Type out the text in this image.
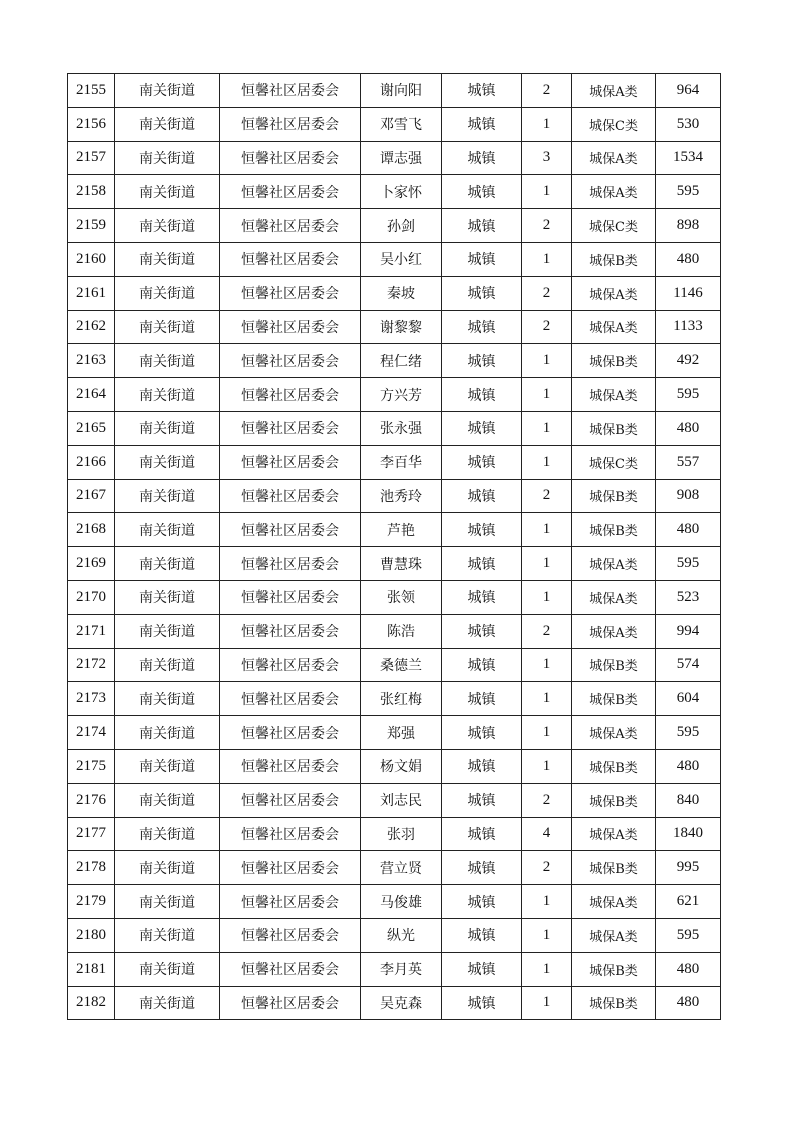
2155	南关街道	恒馨社区居委会	谢向阳	城镇	2	城保A类	964
2156	南关街道	恒馨社区居委会	邓雪飞	城镇	1	城保C类	530
2157	南关街道	恒馨社区居委会	谭志强	城镇	3	城保A类	1534
2158	南关街道	恒馨社区居委会	卜家怀	城镇	1	城保A类	595
2159	南关街道	恒馨社区居委会	孙剑	城镇	2	城保C类	898
2160	南关街道	恒馨社区居委会	吴小红	城镇	1	城保B类	480
2161	南关街道	恒馨社区居委会	秦坡	城镇	2	城保A类	1146
2162	南关街道	恒馨社区居委会	谢黎黎	城镇	2	城保A类	1133
2163	南关街道	恒馨社区居委会	程仁绪	城镇	1	城保B类	492
2164	南关街道	恒馨社区居委会	方兴芳	城镇	1	城保A类	595
2165	南关街道	恒馨社区居委会	张永强	城镇	1	城保B类	480
2166	南关街道	恒馨社区居委会	李百华	城镇	1	城保C类	557
2167	南关街道	恒馨社区居委会	池秀玲	城镇	2	城保B类	908
2168	南关街道	恒馨社区居委会	芦艳	城镇	1	城保B类	480
2169	南关街道	恒馨社区居委会	曹慧珠	城镇	1	城保A类	595
2170	南关街道	恒馨社区居委会	张领	城镇	1	城保A类	523
2171	南关街道	恒馨社区居委会	陈浩	城镇	2	城保A类	994
2172	南关街道	恒馨社区居委会	桑德兰	城镇	1	城保B类	574
2173	南关街道	恒馨社区居委会	张红梅	城镇	1	城保B类	604
2174	南关街道	恒馨社区居委会	郑强	城镇	1	城保A类	595
2175	南关街道	恒馨社区居委会	杨文娟	城镇	1	城保B类	480
2176	南关街道	恒馨社区居委会	刘志民	城镇	2	城保B类	840
2177	南关街道	恒馨社区居委会	张羽	城镇	4	城保A类	1840
2178	南关街道	恒馨社区居委会	营立贤	城镇	2	城保B类	995
2179	南关街道	恒馨社区居委会	马俊雄	城镇	1	城保A类	621
2180	南关街道	恒馨社区居委会	纵光	城镇	1	城保A类	595
2181	南关街道	恒馨社区居委会	李月英	城镇	1	城保B类	480
2182	南关街道	恒馨社区居委会	吴克森	城镇	1	城保B类	480
